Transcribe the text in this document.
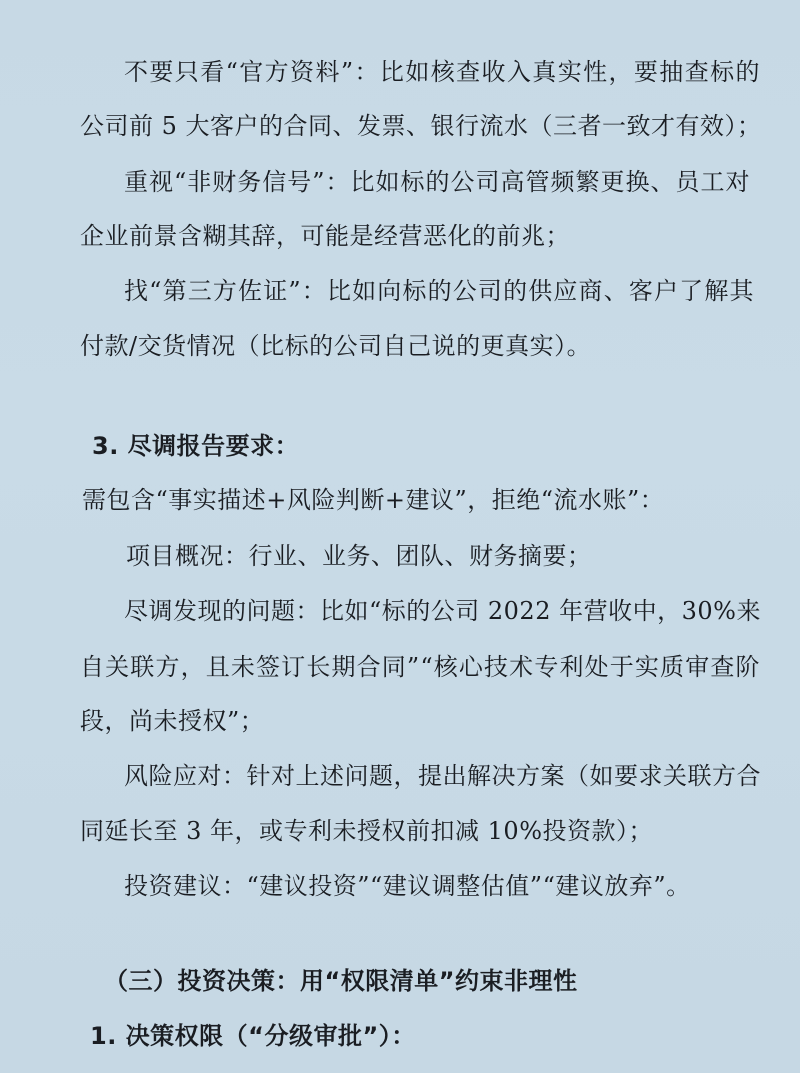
不要只看“官方资料”：比如核查收入真实性，要抽查标的
公司前 5 大客户的合同、发票、银行流水（三者一致才有效）；
重视“非财务信号”：比如标的公司高管频繁更换、员工对
企业前景含糊其辞，可能是经营恶化的前兆；
找“第三方佐证”：比如向标的公司的供应商、客户了解其
付款/交货情况（比标的公司自己说的更真实）。
3. 尽调报告要求：
需包含“事实描述+风险判断+建议”，拒绝“流水账”：
项目概况：行业、业务、团队、财务摘要；
尽调发现的问题：比如“标的公司 2022 年营收中，30%来
自关联方，且未签订长期合同”“核心技术专利处于实质审查阶
段，尚未授权”；
风险应对：针对上述问题，提出解决方案（如要求关联方合
同延长至 3 年，或专利未授权前扣减 10%投资款）；
投资建议：“建议投资”“建议调整估值”“建议放弃”。
（三）投资决策：用“权限清单”约束非理性
1. 决策权限（“分级审批”）：
